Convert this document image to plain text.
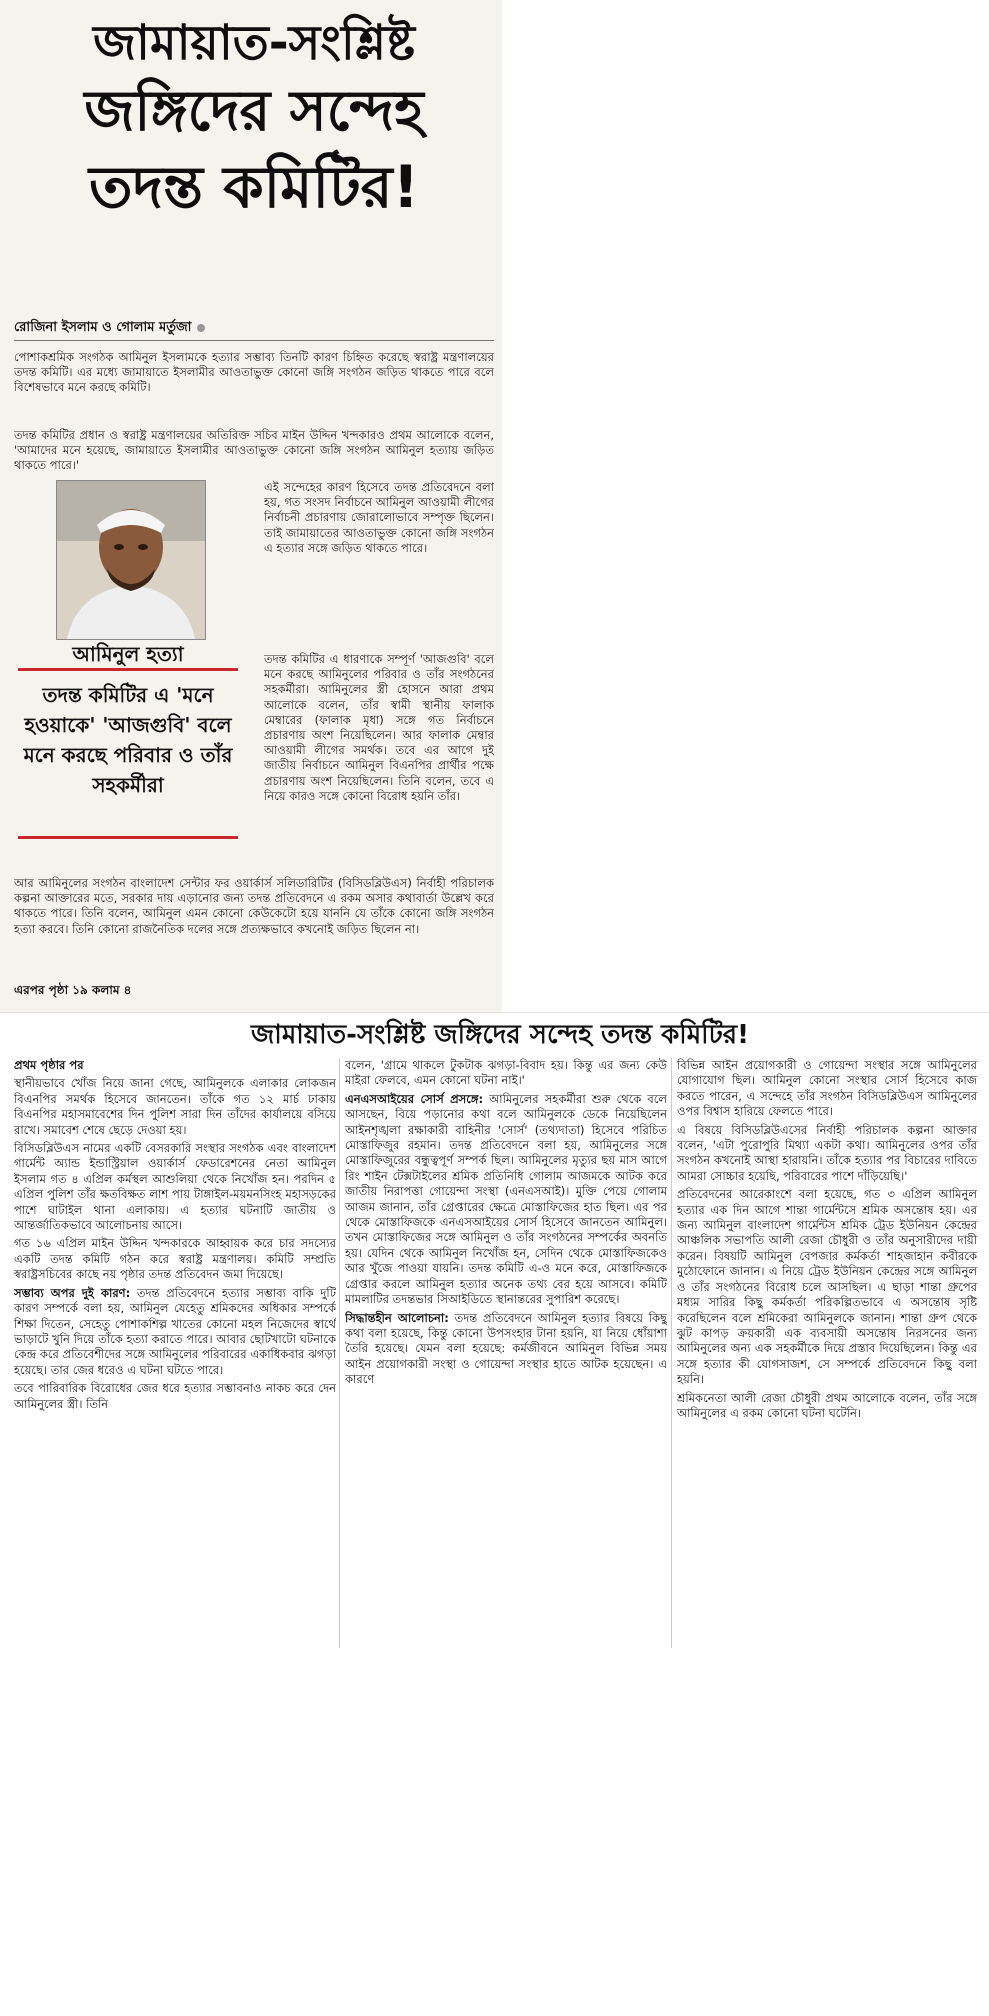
জামায়াত-সংশ্লিষ্ট
জঙ্গিদের সন্দেহ
তদন্ত কমিটির!
রোজিনা ইসলাম ও গোলাম মর্তুজা

পোশাকশ্রমিক সংগঠক আমিনুল ইসলামকে হত্যার সম্ভাব্য তিনটি কারণ চিহ্নিত করেছে স্বরাষ্ট্র মন্ত্রণালয়ের তদন্ত কমিটি। এর মধ্যে জামায়াতে ইসলামীর আওতাভুক্ত কোনো জঙ্গি সংগঠন জড়িত থাকতে পারে বলে বিশেষভাবে মনে করছে কমিটি।

তদন্ত কমিটির প্রধান ও স্বরাষ্ট্র মন্ত্রণালয়ের অতিরিক্ত সচিব মাইন উদ্দিন খন্দকারও প্রথম আলোকে বলেন, 'আমাদের মনে হয়েছে, জামায়াতে ইসলামীর আওতাভুক্ত কোনো জঙ্গি সংগঠন আমিনুল হত্যায় জড়িত থাকতে পারে।'

এই সন্দেহের কারণ হিসেবে তদন্ত প্রতিবেদনে বলা হয়, গত সংসদ নির্বাচনে আমিনুল আওয়ামী লীগের নির্বাচনী প্রচারণায় জোরালোভাবে সম্পৃক্ত ছিলেন। তাই জামায়াতের আওতাভুক্ত কোনো জঙ্গি সংগঠন এ হত্যার সঙ্গে জড়িত থাকতে পারে।

তদন্ত কমিটির এ ধারণাকে সম্পূর্ণ 'আজগুবি' বলে মনে করছে আমিনুলের পরিবার ও তাঁর সংগঠনের সহকর্মীরা। আমিনুলের স্ত্রী হোসনে আরা প্রথম আলোকে বলেন, তাঁর স্বামী স্থানীয় ফালাক মেম্বারের (ফালাক মৃধা) সঙ্গে গত নির্বাচনে প্রচারণায় অংশ নিয়েছিলেন। আর ফালাক মেম্বার আওয়ামী লীগের সমর্থক। তবে এর আগে দুই জাতীয় নির্বাচনে আমিনুল বিএনপির প্রার্থীর পক্ষে প্রচারণায় অংশ নিয়েছিলেন। তিনি বলেন, তবে এ নিয়ে কারও সঙ্গে কোনো বিরোধ হয়নি তাঁর।

আর আমিনুলের সংগঠন বাংলাদেশ সেন্টার ফর ওয়ার্কার্স সলিডারিটির (বিসিডব্লিউএস) নির্বাহী পরিচালক কল্পনা আক্তারের মতে, সরকার দায় এড়ানোর জন্য তদন্ত প্রতিবেদনে এ রকম অসার কথাবার্তা উল্লেখ করে থাকতে পারে। তিনি বলেন, আমিনুল এমন কোনো কেউকেটো হয়ে যাননি যে তাঁকে কোনো জঙ্গি সংগঠন হত্যা করবে। তিনি কোনো রাজনৈতিক দলের সঙ্গে প্রত্যক্ষভাবে কখনোই জড়িত ছিলেন না।

আমিনুল হত্যা

তদন্ত কমিটির এ 'মনে হওয়াকে' 'আজগুবি' বলে মনে করছে পরিবার ও তাঁর সহকর্মীরা

এরপর পৃষ্ঠা ১৯ কলাম ৪
জামায়াত-সংশ্লিষ্ট জঙ্গিদের সন্দেহ তদন্ত কমিটির!

প্রথম পৃষ্ঠার পর

স্থানীয়ভাবে খোঁজ নিয়ে জানা গেছে, আমিনুলকে এলাকার লোকজন বিএনপির সমর্থক হিসেবে জানতেন। তাঁকে গত ১২ মার্চ ঢাকায় বিএনপির মহাসমাবেশের দিন পুলিশ সারা দিন তাঁদের কার্যালয়ে বসিয়ে রাখে। সমাবেশ শেষে ছেড়ে দেওয়া হয়।

বিসিডব্লিউএস নামের একটি বেসরকারি সংস্থার সংগঠক এবং বাংলাদেশ গার্মেন্ট অ্যান্ড ইন্ডাস্ট্রিয়াল ওয়ার্কার্স ফেডারেশনের নেতা আমিনুল ইসলাম গত ৪ এপ্রিল কর্মস্থল আশুলিয়া থেকে নিখোঁজ হন। পরদিন ৫ এপ্রিল পুলিশ তাঁর ক্ষতবিক্ষত লাশ পায় টাঙ্গাইল-ময়মনসিংহ মহাসড়কের পাশে ঘাটাইল থানা এলাকায়। এ হত্যার ঘটনাটি জাতীয় ও আন্তর্জাতিকভাবে আলোচনায় আসে।

গত ১৬ এপ্রিল মাইন উদ্দিন খন্দকারকে আহ্বায়ক করে চার সদস্যের একটি তদন্ত কমিটি গঠন করে স্বরাষ্ট্র মন্ত্রণালয়। কমিটি সম্প্রতি স্বরাষ্ট্রসচিবের কাছে নয় পৃষ্ঠার তদন্ত প্রতিবেদন জমা দিয়েছে।

সম্ভাব্য অপর দুই কারণ: তদন্ত প্রতিবেদনে হত্যার সম্ভাব্য বাকি দুটি কারণ সম্পর্কে বলা হয়, আমিনুল যেহেতু শ্রমিকদের অধিকার সম্পর্কে শিক্ষা দিতেন, সেহেতু পোশাকশিল্প খাতের কোনো মহল নিজেদের স্বার্থে ভাড়াটে খুনি দিয়ে তাঁকে হত্যা করাতে পারে। আবার ছোটখাটো ঘটনাকে কেন্দ্র করে প্রতিবেশীদের সঙ্গে আমিনুলের পরিবারের একাধিকবার ঝগড়া হয়েছে। তার জের ধরেও এ ঘটনা ঘটতে পারে।

তবে পারিবারিক বিরোধের জের ধরে হত্যার সম্ভাবনাও নাকচ করে দেন আমিনুলের স্ত্রী। তিনি

বলেন, 'গ্রামে থাকলে টুকটাক ঝগড়া-বিবাদ হয়। কিন্তু এর জন্য কেউ মাইরা ফেলবে, এমন কোনো ঘটনা নাই।'

এনএসআইয়ের সোর্স প্রসঙ্গে: আমিনুলের সহকর্মীরা শুরু থেকে বলে আসছেন, বিয়ে পড়ানোর কথা বলে আমিনুলকে ডেকে নিয়েছিলেন আইনশৃঙ্খলা রক্ষাকারী বাহিনীর 'সোর্স' (তথ্যদাতা) হিসেবে পরিচিত মোস্তাফিজুর রহমান। তদন্ত প্রতিবেদনে বলা হয়, আমিনুলের সঙ্গে মোস্তাফিজুরের বন্ধুত্বপূর্ণ সম্পর্ক ছিল। আমিনুলের মৃত্যুর ছয় মাস আগে রিং শাইন টেক্সটাইলের শ্রমিক প্রতিনিধি গোলাম আজমকে আটক করে জাতীয় নিরাপত্তা গোয়েন্দা সংস্থা (এনএসআই)। মুক্তি পেয়ে গোলাম আজম জানান, তাঁর গ্রেপ্তারের ক্ষেত্রে মোস্তাফিজের হাত ছিল। এর পর থেকে মোস্তাফিজকে এনএসআইয়ের সোর্স হিসেবে জানতেন আমিনুল। তখন মোস্তাফিজের সঙ্গে আমিনুল ও তাঁর সংগঠনের সম্পর্কের অবনতি হয়। যেদিন থেকে আমিনুল নিখোঁজ হন, সেদিন থেকে মোস্তাফিজকেও আর খুঁজে পাওয়া যায়নি। তদন্ত কমিটি এ-ও মনে করে, মোস্তাফিজকে গ্রেপ্তার করলে আমিনুল হত্যার অনেক তথ্য বের হয়ে আসবে। কমিটি মামলাটির তদন্তভার সিআইডিতে স্থানান্তরের সুপারিশ করেছে।

সিদ্ধান্তহীন আলোচনা: তদন্ত প্রতিবেদনে আমিনুল হত্যার বিষয়ে কিছু কথা বলা হয়েছে, কিন্তু কোনো উপসংহার টানা হয়নি, যা নিয়ে ধোঁয়াশা তৈরি হয়েছে। যেমন বলা হয়েছে: কর্মজীবনে আমিনুল বিভিন্ন সময় আইন প্রয়োগকারী সংস্থা ও গোয়েন্দা সংস্থার হাতে আটক হয়েছেন। এ কারণে

বিভিন্ন আইন প্রয়োগকারী ও গোয়েন্দা সংস্থার সঙ্গে আমিনুলের যোগাযোগ ছিল। আমিনুল কোনো সংস্থার সোর্স হিসেবে কাজ করতে পারেন, এ সন্দেহে তাঁর সংগঠন বিসিডব্লিউএস আমিনুলের ওপর বিশ্বাস হারিয়ে ফেলতে পারে।

এ বিষয়ে বিসিডব্লিউএসের নির্বাহী পরিচালক কল্পনা আক্তার বলেন, 'এটা পুরোপুরি মিথ্যা একটা কথা। আমিনুলের ওপর তাঁর সংগঠন কখনোই আস্থা হারায়নি। তাঁকে হত্যার পর বিচারের দাবিতে আমরা সোচ্চার হয়েছি, পরিবারের পাশে দাঁড়িয়েছি।'

প্রতিবেদনের আরেকাংশে বলা হয়েছে, গত ৩ এপ্রিল আমিনুল হত্যার এক দিন আগে শান্তা গার্মেন্টসে শ্রমিক অসন্তোষ হয়। এর জন্য আমিনুল বাংলাদেশ গার্মেন্টস শ্রমিক ট্রেড ইউনিয়ন কেন্দ্রের আঞ্চলিক সভাপতি আলী রেজা চৌধুরী ও তাঁর অনুসারীদের দায়ী করেন। বিষয়টি আমিনুল বেপজার কর্মকর্তা শাহজাহান কবীরকে মুঠোফোনে জানান। এ নিয়ে ট্রেড ইউনিয়ন কেন্দ্রের সঙ্গে আমিনুল ও তাঁর সংগঠনের বিরোধ চলে আসছিল। এ ছাড়া শান্তা গ্রুপের মধ্যম সারির কিছু কর্মকর্তা পরিকল্পিতভাবে এ অসন্তোষ সৃষ্টি করেছিলেন বলে শ্রমিকেরা আমিনুলকে জানান। শান্তা গ্রুপ থেকে ঝুট কাপড় ক্রয়কারী এক ব্যবসায়ী অসন্তোষ নিরসনের জন্য আমিনুলের অন্য এক সহকর্মীকে দিয়ে প্রস্তাব দিয়েছিলেন। কিন্তু এর সঙ্গে হত্যার কী যোগসাজশ, সে সম্পর্কে প্রতিবেদনে কিছু বলা হয়নি।

শ্রমিকনেতা আলী রেজা চৌধুরী প্রথম আলোকে বলেন, তাঁর সঙ্গে আমিনুলের এ রকম কোনো ঘটনা ঘটেনি।
